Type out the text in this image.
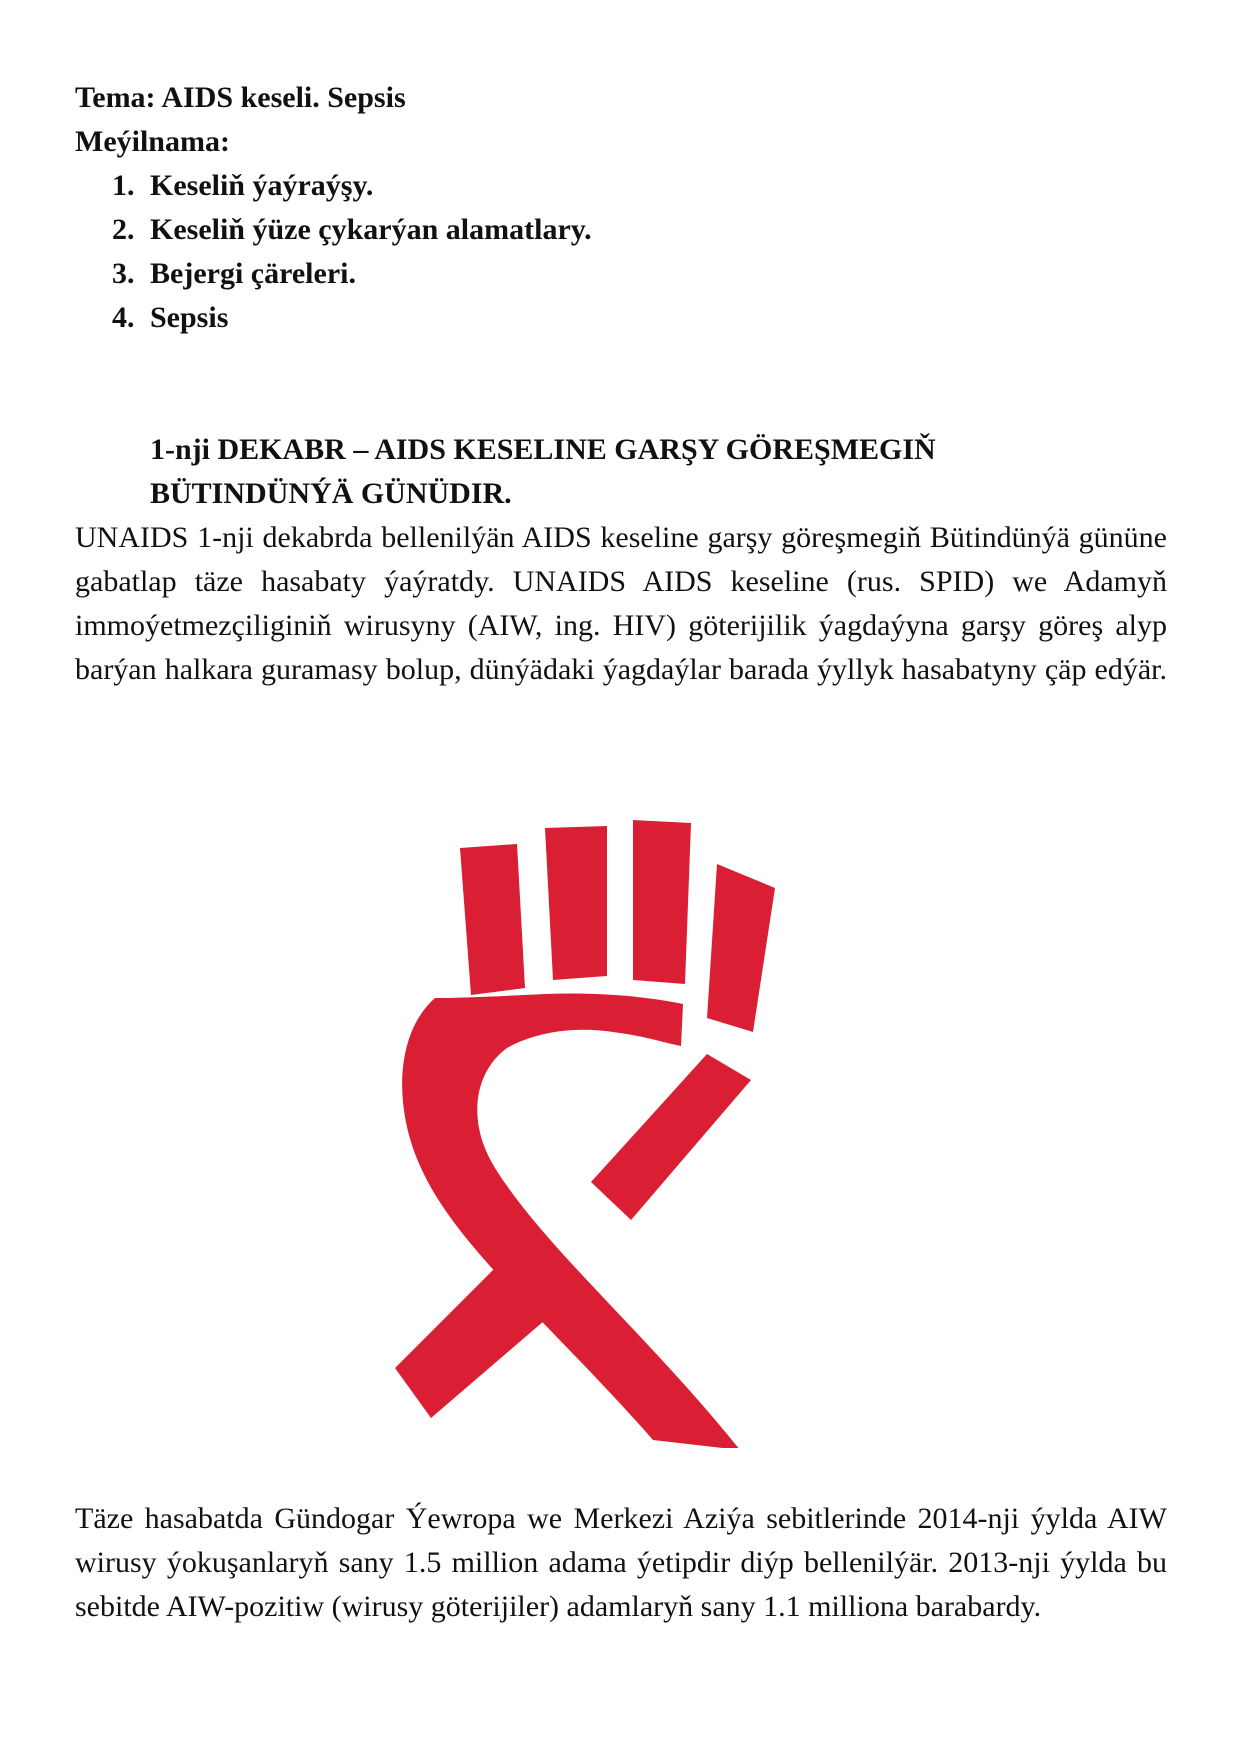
Tema: AIDS keseli. Sepsis

Meýilnama:

1. Keseliň ýaýraýşy.
2. Keseliň ýüze çykarýan alamatlary.
3. Bejergi çäreleri.
4. Sepsis

1-nji DEKABR – AIDS KESELINE GARŞY GÖREŞMEGIŇ BÜTINDÜNÝÄ GÜNÜDIR.

UNAIDS 1-nji dekabrda bellenilýän AIDS keseline garşy göreşmegiň Bütindünýä gününe gabatlap täze hasabaty ýaýratdy. UNAIDS AIDS keseline (rus. SPID) we Adamyň immoýetmezçiliginiň wirusyny (AIW, ing. HIV) göterijilik ýagdaýyna garşy göreş alyp barýan halkara guramasy bolup, dünýädaki ýagdaýlar barada ýyllyk hasabatyny çäp edýär.

Täze hasabatda Gündogar Ýewropa we Merkezi Aziýa sebitlerinde 2014-nji ýylda AIW wirusy ýokuşanlaryň sany 1.5 million adama ýetipdir diýp bellenilýär. 2013-nji ýylda bu sebitde AIW-pozitiw (wirusy göterijiler) adamlaryň sany 1.1 milliona barabardy.
